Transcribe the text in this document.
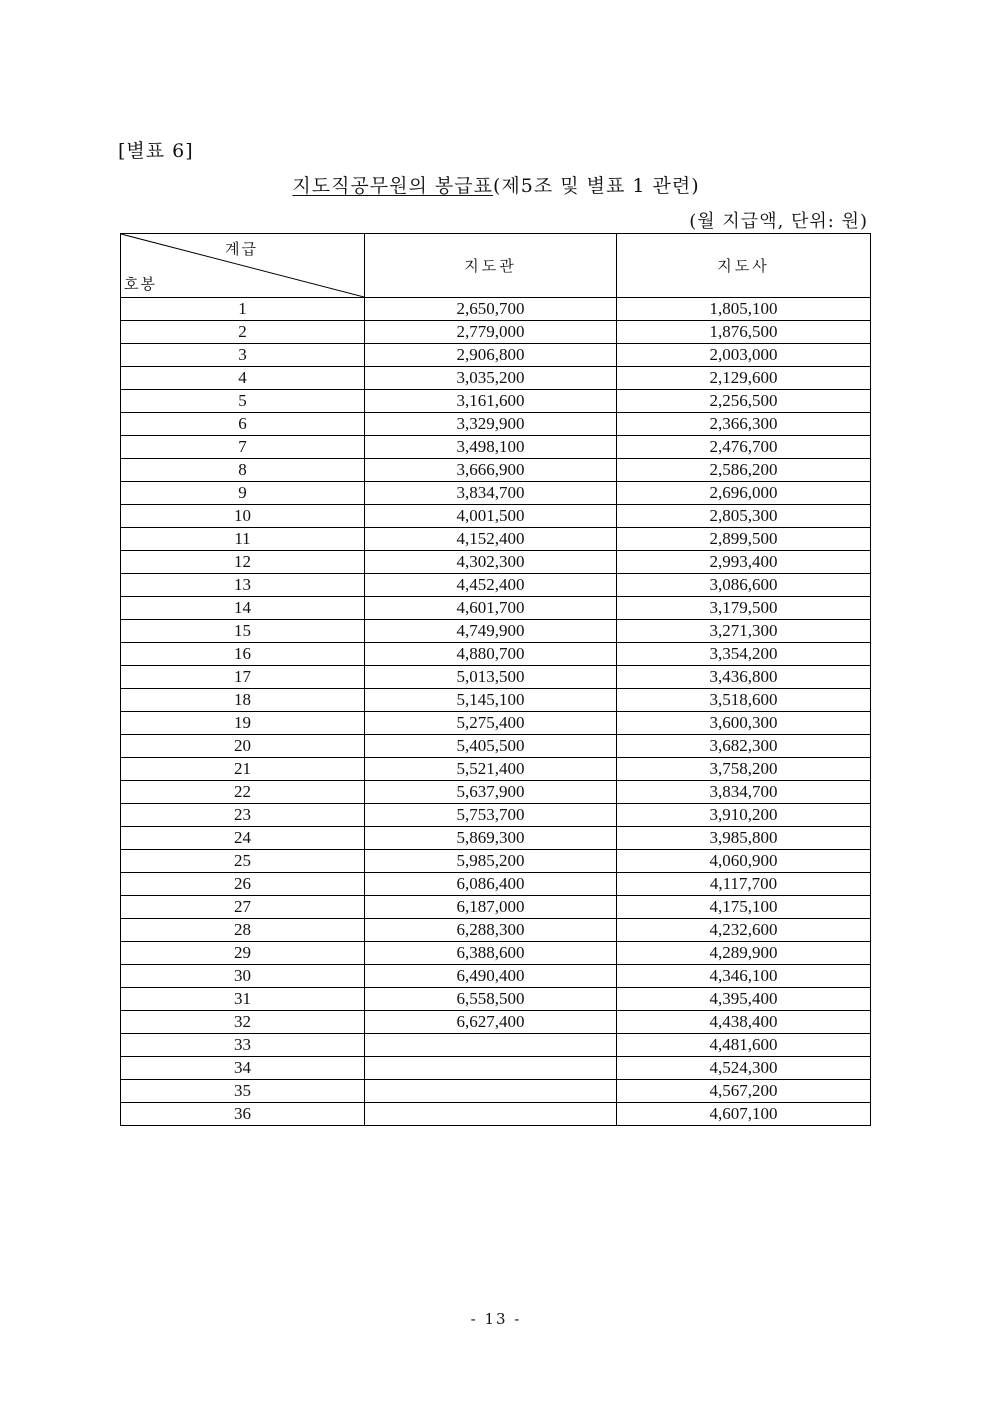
[별표 6]
지도직공무원의 봉급표(제5조 및 별표 1 관련)
(월 지급액, 단위: 원)
계급
호봉	지도관	지도사
1	2,650,700	1,805,100
2	2,779,000	1,876,500
3	2,906,800	2,003,000
4	3,035,200	2,129,600
5	3,161,600	2,256,500
6	3,329,900	2,366,300
7	3,498,100	2,476,700
8	3,666,900	2,586,200
9	3,834,700	2,696,000
10	4,001,500	2,805,300
11	4,152,400	2,899,500
12	4,302,300	2,993,400
13	4,452,400	3,086,600
14	4,601,700	3,179,500
15	4,749,900	3,271,300
16	4,880,700	3,354,200
17	5,013,500	3,436,800
18	5,145,100	3,518,600
19	5,275,400	3,600,300
20	5,405,500	3,682,300
21	5,521,400	3,758,200
22	5,637,900	3,834,700
23	5,753,700	3,910,200
24	5,869,300	3,985,800
25	5,985,200	4,060,900
26	6,086,400	4,117,700
27	6,187,000	4,175,100
28	6,288,300	4,232,600
29	6,388,600	4,289,900
30	6,490,400	4,346,100
31	6,558,500	4,395,400
32	6,627,400	4,438,400
33		4,481,600
34		4,524,300
35		4,567,200
36		4,607,100
- 13 -
